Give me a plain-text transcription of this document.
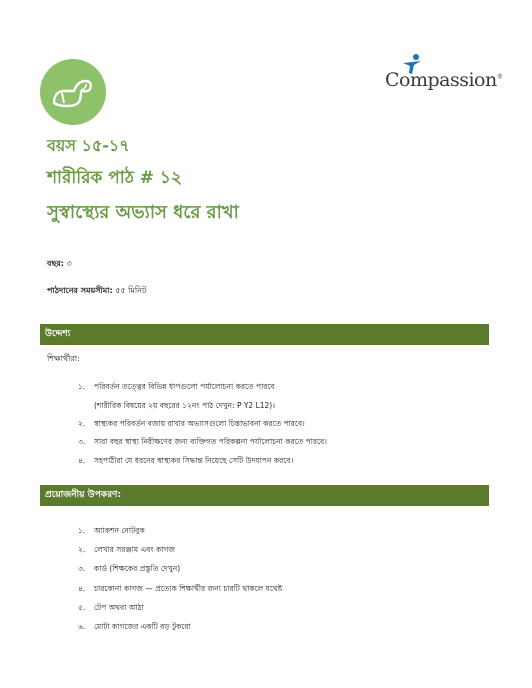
Compassion®
বয়স ১৫-১৭
শারীরিক পাঠ # ১২
সুস্বাস্থ্যের অভ্যাস ধরে রাখা
বছর: ৩
পাঠদানের সময়সীমা: ৫৫ মিনিট
উদ্দেশ্য
শিক্ষার্থীরা:
১.	পরিবর্তন তত্ত্বের বিভিন্ন ধাপগুলো পর্যালোচনা করতে পারবে
(শারীরিক বিষয়ের ২য় বছরের ১২নং পাঠ দেখুন: P Y2 L12)।
২.	স্বাস্থ্যকর পরিবর্তন বজায় রাখার অভ্যাসগুলো চিন্তাভাবনা করতে পারবে।
৩.	সারা বছর স্বাস্থ্য নিরীক্ষণের জন্য ব্যক্তিগত পরিকল্পনা পর্যালোচনা করতে পারবে।
৪.	সহপাঠীরা যে ধরনের স্বাস্থ্যকর সিদ্ধান্ত নিয়েছে সেটি উদযাপন করবে।
প্রয়োজনীয় উপকরণ:
১.	অ্যাকশন নোটবুক
২.	লেখার সরঞ্জাম এবং কাগজ
৩.	কার্ড (শিক্ষকের প্রস্তুতি দেখুন)
৪.	চারকোনা কাগজ — প্রত্যেক শিক্ষার্থীর জন্য চারটি থাকলে যথেষ্ট
৫.	টেপ অথবা আঠা
৬.	মোটা কাগজের একটি বড় টুকরো
